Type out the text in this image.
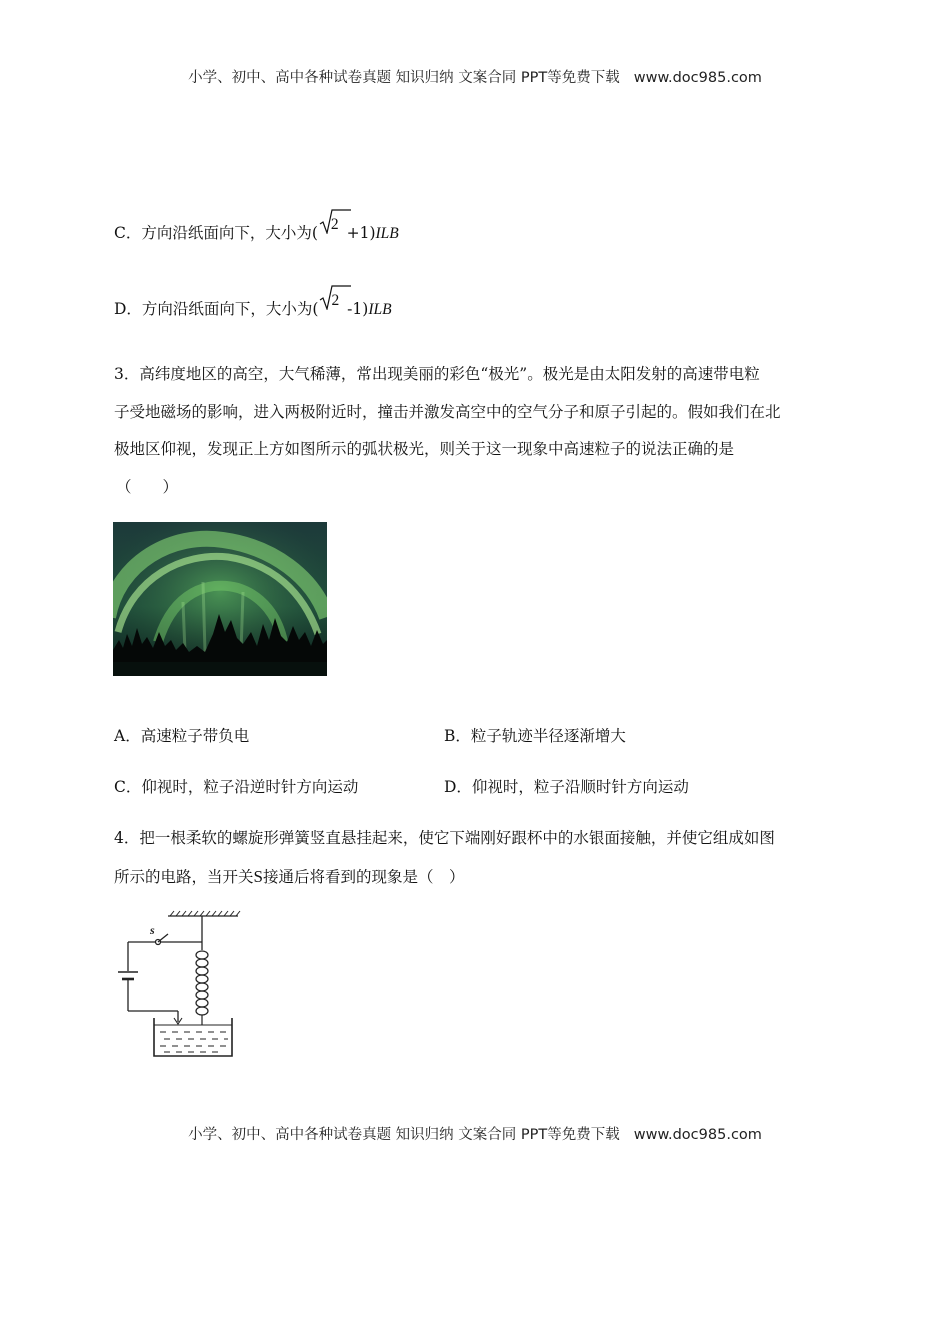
小学、初中、高中各种试卷真题 知识归纳 文案合同 PPT等免费下载 www.doc985.com
C．方向沿纸面向下，大小为( 2 +1)ILB
D．方向沿纸面向下，大小为( 2 -1)ILB
3．高纬度地区的高空，大气稀薄，常出现美丽的彩色“极光”。极光是由太阳发射的高速带电粒
子受地磁场的影响，进入两极附近时，撞击并激发高空中的空气分子和原子引起的。假如我们在北
极地区仰视，发现正上方如图所示的弧状极光，则关于这一现象中高速粒子的说法正确的是
（　　）
A．高速粒子带负电	B．粒子轨迹半径逐渐增大
C．仰视时，粒子沿逆时针方向运动	D．仰视时，粒子沿顺时针方向运动
4．把一根柔软的螺旋形弹簧竖直悬挂起来，使它下端刚好跟杯中的水银面接触，并使它组成如图
所示的电路，当开关S接通后将看到的现象是（　）
s
小学、初中、高中各种试卷真题 知识归纳 文案合同 PPT等免费下载 www.doc985.com
